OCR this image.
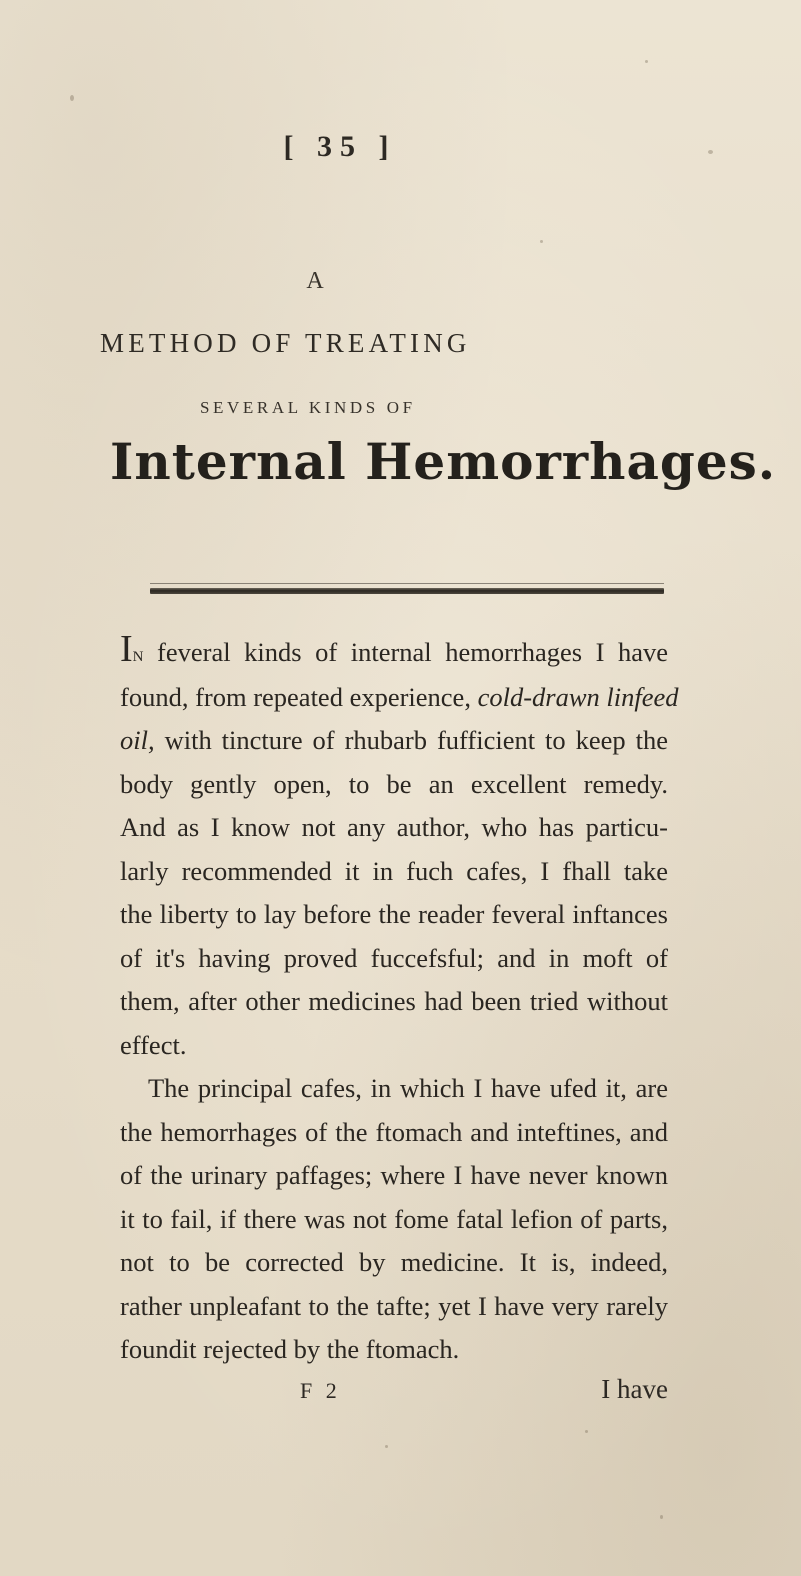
[ 35 ]
A
METHOD OF TREATING
SEVERAL KINDS OF
Internal Hemorrhages.

In feveral kinds of internal hemorrhages I have
found, from repeated experience, cold-drawn linfeed
oil, with tincture of rhubarb fufficient to keep the
body gently open, to be an excellent remedy.
And as I know not any author, who has particu-
larly recommended it in fuch cafes, I fhall take
the liberty to lay before the reader feveral inftances
of it's having proved fuccefsful; and in moft of
them, after other medicines had been tried without
effect.

The principal cafes, in which I have ufed it, are
the hemorrhages of the ftomach and inteftines, and
of the urinary paffages; where I have never known
it to fail, if there was not fome fatal lefion of parts,
not to be corrected by medicine. It is, indeed,
rather unpleafant to the tafte; yet I have very rarely
foundit rejected by the ftomach.

F 2	I have
